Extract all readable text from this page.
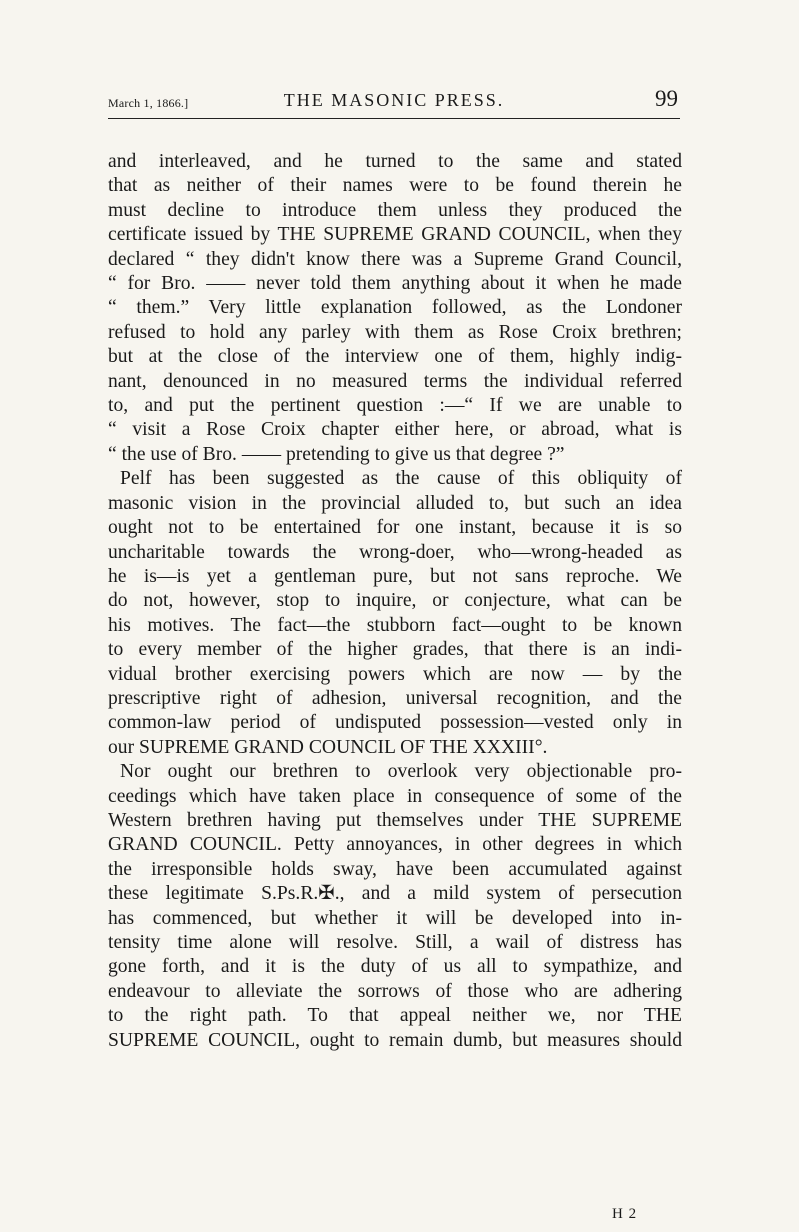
March 1, 1866.]	THE MASONIC PRESS.	99

and interleaved, and he turned to the same and stated

that as neither of their names were to be found therein he

must decline to introduce them unless they produced the

certificate issued by THE SUPREME GRAND COUNCIL, when they

declared “ they didn't know there was a Supreme Grand Council,

“ for Bro. —— never told them anything about it when he made

“ them.” Very little explanation followed, as the Londoner

refused to hold any parley with them as Rose Croix brethren;

but at the close of the interview one of them, highly indig-

nant, denounced in no measured terms the individual referred

to, and put the pertinent question :—“ If we are unable to

“ visit a Rose Croix chapter either here, or abroad, what is

“ the use of Bro. —— pretending to give us that degree ?”

Pelf has been suggested as the cause of this obliquity of

masonic vision in the provincial alluded to, but such an idea

ought not to be entertained for one instant, because it is so

uncharitable towards the wrong-doer, who—wrong-headed as

he is—is yet a gentleman pure, but not sans reproche. We

do not, however, stop to inquire, or conjecture, what can be

his motives. The fact—the stubborn fact—ought to be known

to every member of the higher grades, that there is an indi-

vidual brother exercising powers which are now — by the

prescriptive right of adhesion, universal recognition, and the

common-law period of undisputed possession—vested only in

our SUPREME GRAND COUNCIL OF THE XXXIII°.

Nor ought our brethren to overlook very objectionable pro-

ceedings which have taken place in consequence of some of the

Western brethren having put themselves under THE SUPREME

GRAND COUNCIL. Petty annoyances, in other degrees in which

the irresponsible holds sway, have been accumulated against

these legitimate S.Ps.R.✠., and a mild system of persecution

has commenced, but whether it will be developed into in-

tensity time alone will resolve. Still, a wail of distress has

gone forth, and it is the duty of us all to sympathize, and

endeavour to alleviate the sorrows of those who are adhering

to the right path. To that appeal neither we, nor THE

SUPREME COUNCIL, ought to remain dumb, but measures should

H 2
